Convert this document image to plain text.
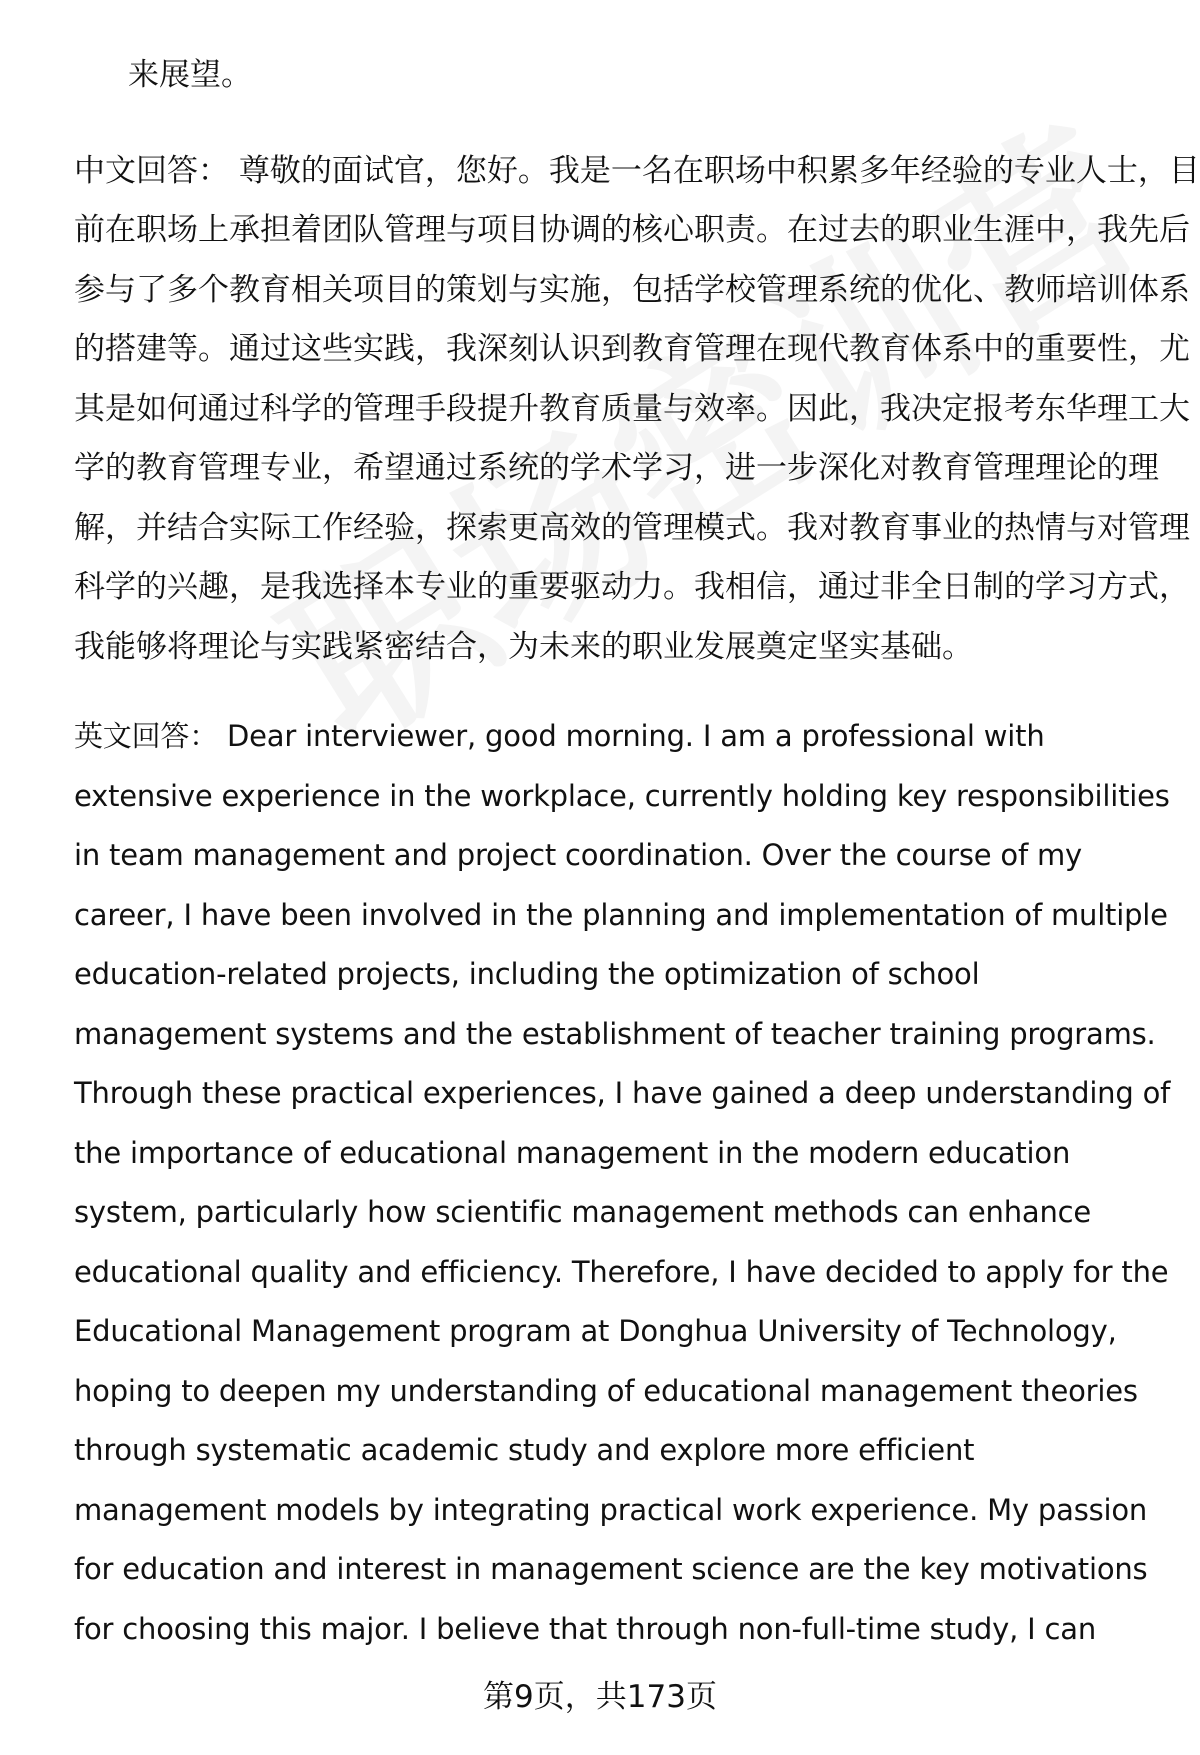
来展望。
中文回答： 尊敬的面试官，您好。我是一名在职场中积累多年经验的专业人士，目
前在职场上承担着团队管理与项目协调的核心职责。在过去的职业生涯中，我先后
参与了多个教育相关项目的策划与实施，包括学校管理系统的优化、教师培训体系
的搭建等。通过这些实践，我深刻认识到教育管理在现代教育体系中的重要性，尤
其是如何通过科学的管理手段提升教育质量与效率。因此，我决定报考东华理工大
学的教育管理专业，希望通过系统的学术学习，进一步深化对教育管理理论的理
解，并结合实际工作经验，探索更高效的管理模式。我对教育事业的热情与对管理
科学的兴趣，是我选择本专业的重要驱动力。我相信，通过非全日制的学习方式，
我能够将理论与实践紧密结合，为未来的职业发展奠定坚实基础。
英文回答： Dear interviewer, good morning. I am a professional with
extensive experience in the workplace, currently holding key responsibilities
in team management and project coordination. Over the course of my
career, I have been involved in the planning and implementation of multiple
education-related projects, including the optimization of school
management systems and the establishment of teacher training programs.
Through these practical experiences, I have gained a deep understanding of
the importance of educational management in the modern education
system, particularly how scientific management methods can enhance
educational quality and efficiency. Therefore, I have decided to apply for the
Educational Management program at Donghua University of Technology,
hoping to deepen my understanding of educational management theories
through systematic academic study and explore more efficient
management models by integrating practical work experience. My passion
for education and interest in management science are the key motivations
for choosing this major. I believe that through non-full-time study, I can
第9页，共173页
